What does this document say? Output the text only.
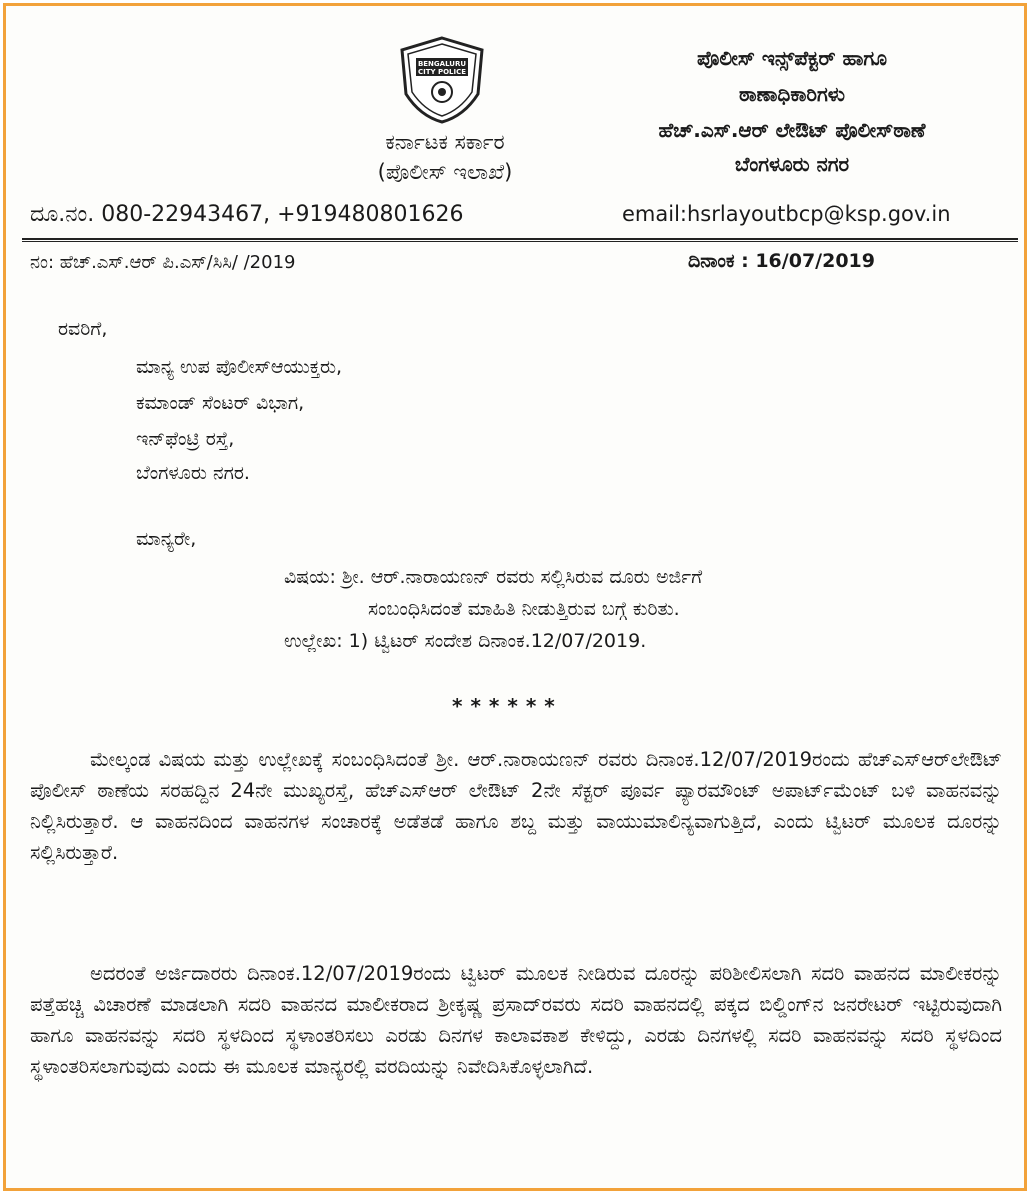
BENGALURU
CITY POLICE
ಕರ್ನಾಟಕ ಸರ್ಕಾರ
(ಪೊಲೀಸ್ ಇಲಾಖೆ)
ಪೊಲೀಸ್ ಇನ್ಸ್‌ಪೆಕ್ಟರ್ ಹಾಗೂ
ಠಾಣಾಧಿಕಾರಿಗಳು
ಹೆಚ್.ಎಸ್.ಆರ್ ಲೇಔಟ್ ಪೊಲೀಸ್‌ಠಾಣೆ
ಬೆಂಗಳೂರು ನಗರ
ದೂ.ನಂ. 080-22943467, +919480801626	email:hsrlayoutbcp@ksp.gov.in
ನಂ: ಹೆಚ್.ಎಸ್.ಆರ್ ಪಿ.ಎಸ್/ಸಿಸಿ/ /2019	ದಿನಾಂಕ : 16/07/2019
ರವರಿಗೆ,
ಮಾನ್ಯ ಉಪ ಪೊಲೀಸ್‌ಆಯುಕ್ತರು,
ಕಮಾಂಡ್ ಸೆಂಟರ್ ವಿಭಾಗ,
ಇನ್‌ಫೆಂಟ್ರಿ ರಸ್ತೆ,
ಬೆಂಗಳೂರು ನಗರ.
ಮಾನ್ಯರೇ,
ವಿಷಯ: ಶ್ರೀ. ಆರ್.ನಾರಾಯಣನ್ ರವರು ಸಲ್ಲಿಸಿರುವ ದೂರು ಅರ್ಜಿಗೆ
ಸಂಬಂಧಿಸಿದಂತೆ ಮಾಹಿತಿ ನೀಡುತ್ತಿರುವ ಬಗ್ಗೆ ಕುರಿತು.
ಉಲ್ಲೇಖ: 1) ಟ್ವಿಟರ್ ಸಂದೇಶ ದಿನಾಂಕ.12/07/2019.
******
ಮೇಲ್ಕಂಡ ವಿಷಯ ಮತ್ತು ಉಲ್ಲೇಖಕ್ಕೆ ಸಂಬಂಧಿಸಿದಂತೆ ಶ್ರೀ. ಆರ್.ನಾರಾಯಣನ್ ರವರು ದಿನಾಂಕ.12/07/2019ರಂದು ಹೆಚ್‌ಎಸ್‌ಆರ್‌ಲೇಔಟ್ ಪೊಲೀಸ್ ಠಾಣೆಯ ಸರಹದ್ದಿನ 24ನೇ ಮುಖ್ಯರಸ್ತೆ, ಹೆಚ್‌ಎಸ್‌ಆರ್ ಲೇಔಟ್ 2ನೇ ಸೆಕ್ಟರ್ ಪೂರ್ವ ಪ್ಯಾರಮೌಂಟ್ ಅಪಾರ್ಟ್‌ಮೆಂಟ್ ಬಳಿ ವಾಹನವನ್ನು ನಿಲ್ಲಿಸಿರುತ್ತಾರೆ. ಆ ವಾಹನದಿಂದ ವಾಹನಗಳ ಸಂಚಾರಕ್ಕೆ ಅಡೆತಡೆ ಹಾಗೂ ಶಬ್ದ ಮತ್ತು ವಾಯುಮಾಲಿನ್ಯವಾಗುತ್ತಿದೆ, ಎಂದು ಟ್ವಿಟರ್ ಮೂಲಕ ದೂರನ್ನು ಸಲ್ಲಿಸಿರುತ್ತಾರೆ.
ಅದರಂತೆ ಅರ್ಜಿದಾರರು ದಿನಾಂಕ.12/07/2019ರಂದು ಟ್ವಿಟರ್ ಮೂಲಕ ನೀಡಿರುವ ದೂರನ್ನು ಪರಿಶೀಲಿಸಲಾಗಿ ಸದರಿ ವಾಹನದ ಮಾಲೀಕರನ್ನು ಪತ್ತೆಹಚ್ಚಿ ವಿಚಾರಣೆ ಮಾಡಲಾಗಿ ಸದರಿ ವಾಹನದ ಮಾಲೀಕರಾದ ಶ್ರೀಕೃಷ್ಣ ಪ್ರಸಾದ್‌ರವರು ಸದರಿ ವಾಹನದಲ್ಲಿ ಪಕ್ಕದ ಬಿಲ್ಡಿಂಗ್‌ನ ಜನರೇಟರ್ ಇಟ್ಟಿರುವುದಾಗಿ ಹಾಗೂ ವಾಹನವನ್ನು ಸದರಿ ಸ್ಥಳದಿಂದ ಸ್ಥಳಾಂತರಿಸಲು ಎರಡು ದಿನಗಳ ಕಾಲಾವಕಾಶ ಕೇಳಿದ್ದು, ಎರಡು ದಿನಗಳಲ್ಲಿ ಸದರಿ ವಾಹನವನ್ನು ಸದರಿ ಸ್ಥಳದಿಂದ ಸ್ಥಳಾಂತರಿಸಲಾಗುವುದು ಎಂದು ಈ ಮೂಲಕ ಮಾನ್ಯರಲ್ಲಿ ವರದಿಯನ್ನು ನಿವೇದಿಸಿಕೊಳ್ಳಲಾಗಿದೆ.
